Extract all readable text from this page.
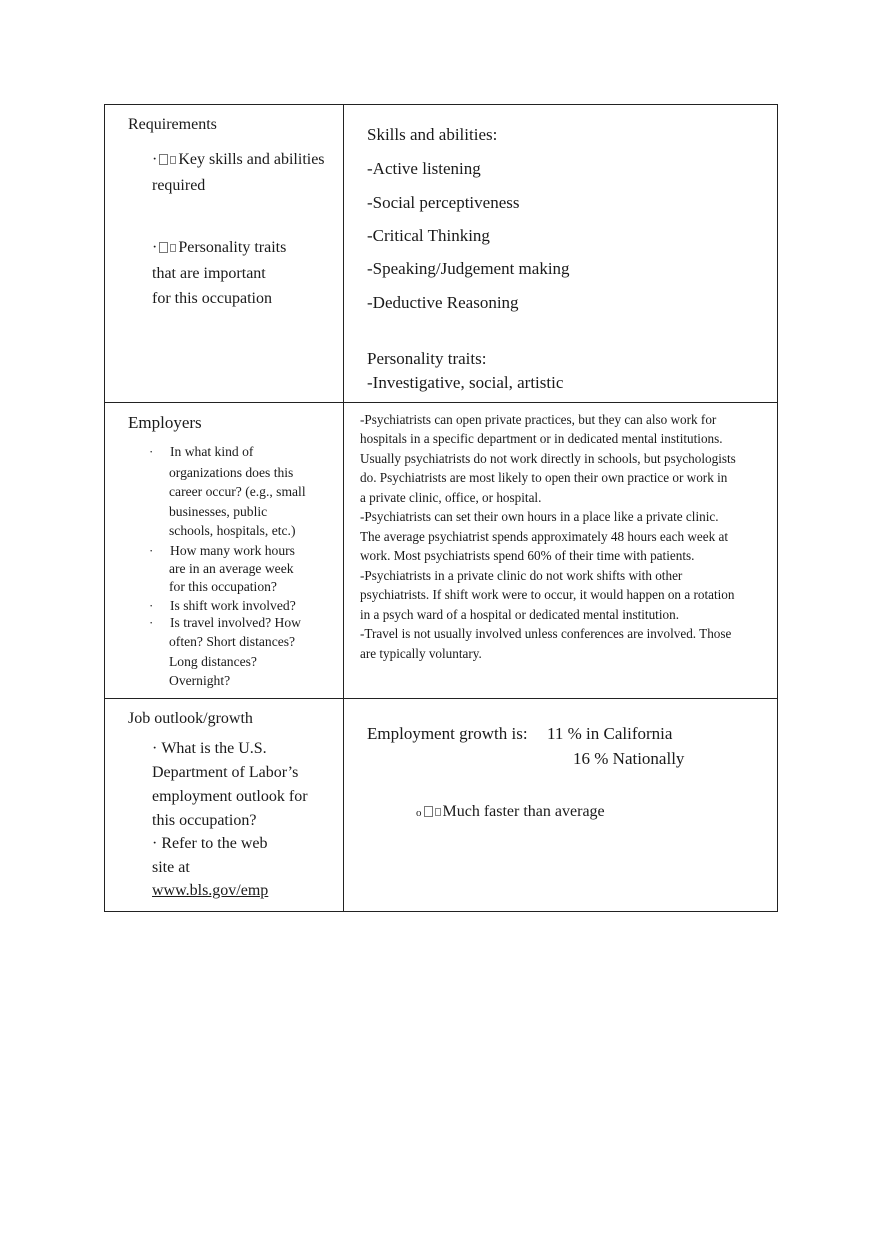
Requirements
· Key skills and abilities
required
· Personality traits
that are important
for this occupation
Skills and abilities:
-Active listening
-Social perceptiveness
-Critical Thinking
-Speaking/Judgement making
-Deductive Reasoning
Personality traits:
-Investigative, social, artistic
Employers
· In what kind of
organizations does this
career occur? (e.g., small
businesses, public
schools, hospitals, etc.)
· How many work hours
are in an average week
for this occupation?
· Is shift work involved?
· Is travel involved? How
often? Short distances?
Long distances?
Overnight?
-Psychiatrists can open private practices, but they can also work for
hospitals in a specific department or in dedicated mental institutions.
Usually psychiatrists do not work directly in schools, but psychologists
do. Psychiatrists are most likely to open their own practice or work in
a private clinic, office, or hospital.
-Psychiatrists can set their own hours in a place like a private clinic.
The average psychiatrist spends approximately 48 hours each week at
work. Most psychiatrists spend 60% of their time with patients.
-Psychiatrists in a private clinic do not work shifts with other
psychiatrists. If shift work were to occur, it would happen on a rotation
in a psych ward of a hospital or dedicated mental institution.
-Travel is not usually involved unless conferences are involved. Those
are typically voluntary.
Job outlook/growth
· What is the U.S.
Department of Labor’s
employment outlook for
this occupation?
· Refer to the web
site at
www.bls.gov/emp
Employment growth is: 11 % in California
16 % Nationally
o Much faster than average
